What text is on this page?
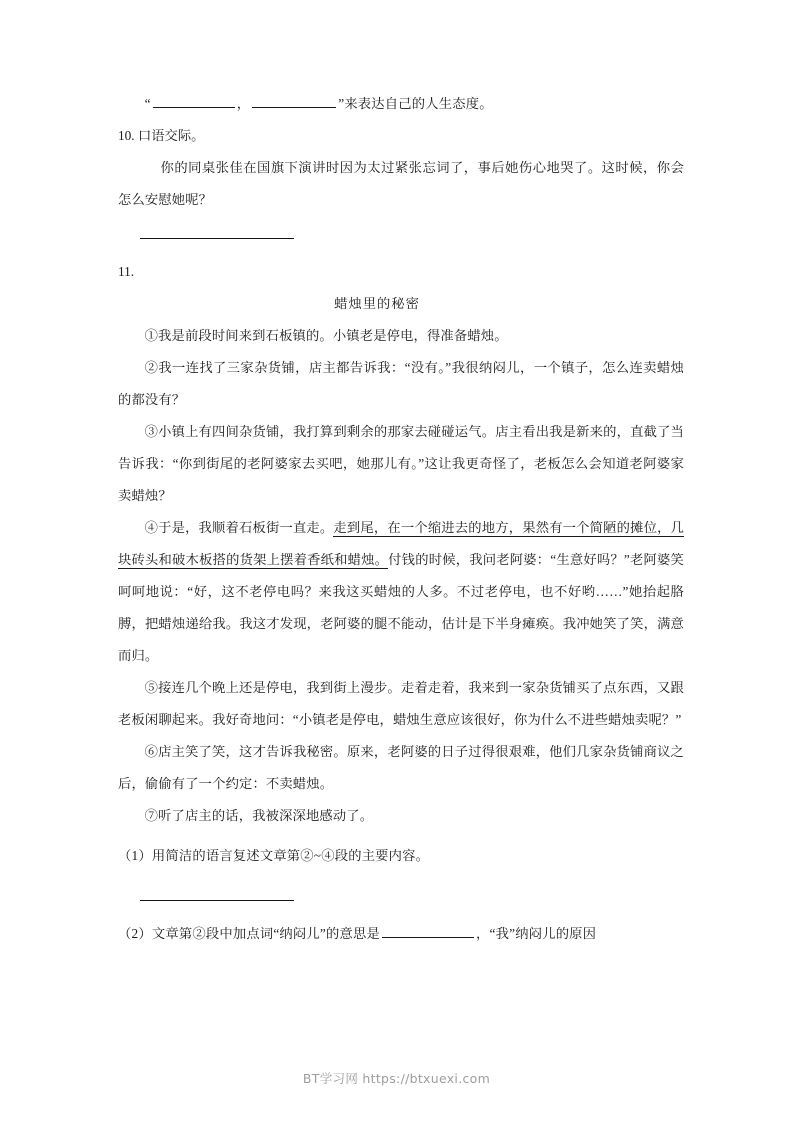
“	，	”来表达自己的人生态度。
10. 口语交际。
你的同桌张佳在国旗下演讲时因为太过紧张忘词了，事后她伤心地哭了。这时候，你会怎么安慰她呢？
11.
蜡烛里的秘密
①我是前段时间来到石板镇的。小镇老是停电，得准备蜡烛。
②我一连找了三家杂货铺，店主都告诉我：“没有。”我很纳闷儿，一个镇子，怎么连卖蜡烛的都没有？
③小镇上有四间杂货铺，我打算到剩余的那家去碰碰运气。店主看出我是新来的，直截了当告诉我：“你到街尾的老阿婆家去买吧，她那儿有。”这让我更奇怪了，老板怎么会知道老阿婆家卖蜡烛？
④于是，我顺着石板街一直走。走到尾，在一个缩进去的地方，果然有一个简陋的摊位，几块砖头和破木板搭的货架上摆着香纸和蜡烛。付钱的时候，我问老阿婆：“生意好吗？”老阿婆笑呵呵地说：“好，这不老停电吗？来我这买蜡烛的人多。不过老停电，也不好哟……”她抬起胳膊，把蜡烛递给我。我这才发现，老阿婆的腿不能动，估计是下半身瘫痪。我冲她笑了笑，满意而归。
⑤接连几个晚上还是停电，我到街上漫步。走着走着，我来到一家杂货铺买了点东西，又跟老板闲聊起来。我好奇地问：“小镇老是停电，蜡烛生意应该很好，你为什么不进些蜡烛卖呢？”
⑥店主笑了笑，这才告诉我秘密。原来，老阿婆的日子过得很艰难，他们几家杂货铺商议之后，偷偷有了一个约定：不卖蜡烛。
⑦听了店主的话，我被深深地感动了。
（1）用简洁的语言复述文章第②~④段的主要内容。
（2）文章第②段中加点词“纳闷儿”的意思是	，“我”纳闷儿的原因
BT学习网 https://btxuexi.com
